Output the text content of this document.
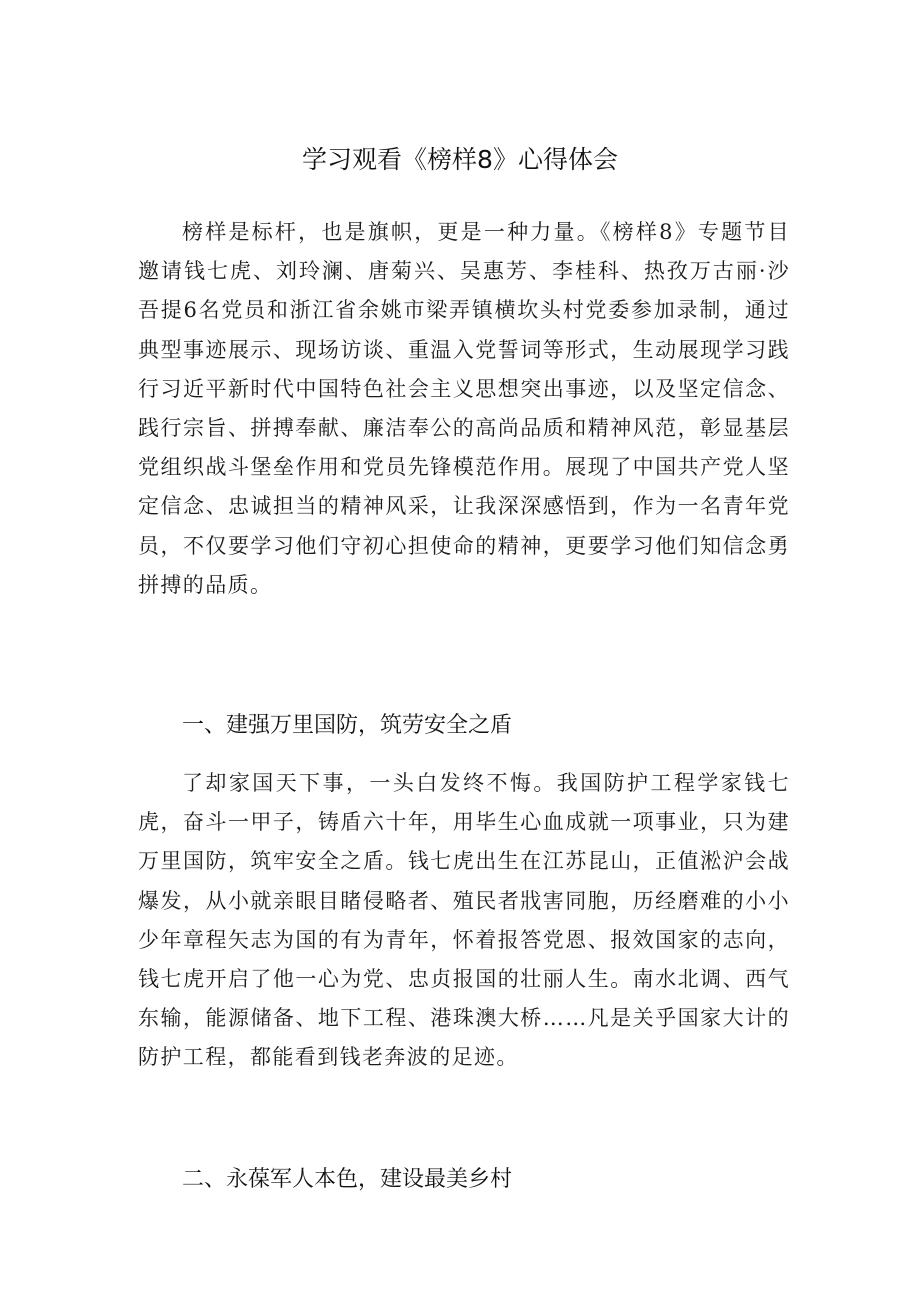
学习观看《榜样8》心得体会

榜样是标杆，也是旗帜，更是一种力量。《榜样8》专题节目邀请钱七虎、刘玲澜、唐菊兴、吴惠芳、李桂科、热孜万古丽·沙吾提6名党员和浙江省余姚市梁弄镇横坎头村党委参加录制，通过典型事迹展示、现场访谈、重温入党誓词等形式，生动展现学习践行习近平新时代中国特色社会主义思想突出事迹，以及坚定信念、践行宗旨、拼搏奉献、廉洁奉公的高尚品质和精神风范，彰显基层党组织战斗堡垒作用和党员先锋模范作用。展现了中国共产党人坚定信念、忠诚担当的精神风采，让我深深感悟到，作为一名青年党员，不仅要学习他们守初心担使命的精神，更要学习他们知信念勇拼搏的品质。

一、建强万里国防，筑劳安全之盾

了却家国天下事，一头白发终不悔。我国防护工程学家钱七虎，奋斗一甲子，铸盾六十年，用毕生心血成就一项事业，只为建万里国防，筑牢安全之盾。钱七虎出生在江苏昆山，正值淞沪会战爆发，从小就亲眼目睹侵略者、殖民者戕害同胞，历经磨难的小小少年章程矢志为国的有为青年，怀着报答党恩、报效国家的志向，钱七虎开启了他一心为党、忠贞报国的壮丽人生。南水北调、西气东输，能源储备、地下工程、港珠澳大桥……凡是关乎国家大计的防护工程，都能看到钱老奔波的足迹。

二、永葆军人本色，建设最美乡村
